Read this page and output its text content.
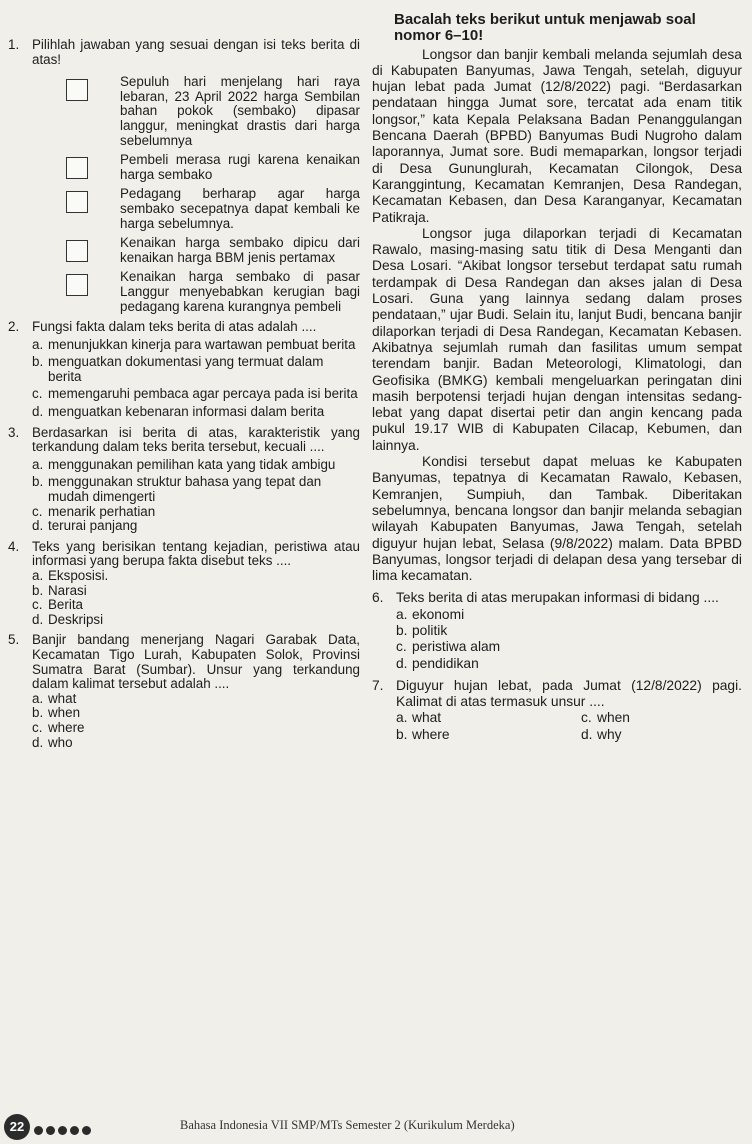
1. Pilihlah jawaban yang sesuai dengan isi teks berita di atas!
Sepuluh hari menjelang hari raya lebaran, 23 April 2022 harga Sembilan bahan pokok (sembako) dipasar langgur, meningkat drastis dari harga sebelumnya
Pembeli merasa rugi karena kenaikan harga sembako
Pedagang berharap agar harga sembako secepatnya dapat kembali ke harga sebelumnya.
Kenaikan harga sembako dipicu dari kenaikan harga BBM jenis pertamax
Kenaikan harga sembako di pasar Langgur menyebabkan kerugian bagi pedagang karena kurangnya pembeli
2. Fungsi fakta dalam teks berita di atas adalah ....
a. menunjukkan kinerja para wartawan pembuat berita
b. menguatkan dokumentasi yang termuat dalam berita
c. memengaruhi pembaca agar percaya pada isi berita
d. menguatkan kebenaran informasi dalam berita
3. Berdasarkan isi berita di atas, karakteristik yang terkandung dalam teks berita tersebut, kecuali ....
a. menggunakan pemilihan kata yang tidak ambigu
b. menggunakan struktur bahasa yang tepat dan mudah dimengerti
c. menarik perhatian
d. terurai panjang
4. Teks yang berisikan tentang kejadian, peristiwa atau informasi yang berupa fakta disebut teks ....
a. Eksposisi.
b. Narasi
c. Berita
d. Deskripsi
5. Banjir bandang menerjang Nagari Garabak Data, Kecamatan Tigo Lurah, Kabupaten Solok, Provinsi Sumatra Barat (Sumbar). Unsur yang terkandung dalam kalimat tersebut adalah ....
a. what
b. when
c. where
d. who
Bacalah teks berikut untuk menjawab soal nomor 6–10!
Longsor dan banjir kembali melanda sejumlah desa di Kabupaten Banyumas, Jawa Tengah, setelah, diguyur hujan lebat pada Jumat (12/8/2022) pagi. “Berdasarkan pendataan hingga Jumat sore, tercatat ada enam titik longsor,” kata Kepala Pelaksana Badan Penanggulangan Bencana Daerah (BPBD) Banyumas Budi Nugroho dalam laporannya, Jumat sore. Budi memaparkan, longsor terjadi di Desa Gununglurah, Kecamatan Cilongok, Desa Karanggintung, Kecamatan Kemranjen, Desa Randegan, Kecamatan Kebasen, dan Desa Karanganyar, Kecamatan Patikraja.
Longsor juga dilaporkan terjadi di Kecamatan Rawalo, masing-masing satu titik di Desa Menganti dan Desa Losari. “Akibat longsor tersebut terdapat satu rumah terdampak di Desa Randegan dan akses jalan di Desa Losari. Guna yang lainnya sedang dalam proses pendataan,” ujar Budi. Selain itu, lanjut Budi, bencana banjir dilaporkan terjadi di Desa Randegan, Kecamatan Kebasen. Akibatnya sejumlah rumah dan fasilitas umum sempat terendam banjir. Badan Meteorologi, Klimatologi, dan Geofisika (BMKG) kembali mengeluarkan peringatan dini masih berpotensi terjadi hujan dengan intensitas sedang-lebat yang dapat disertai petir dan angin kencang pada pukul 19.17 WIB di Kabupaten Cilacap, Kebumen, dan lainnya.
Kondisi tersebut dapat meluas ke Kabupaten Banyumas, tepatnya di Kecamatan Rawalo, Kebasen, Kemranjen, Sumpiuh, dan Tambak. Diberitakan sebelumnya, bencana longsor dan banjir melanda sebagian wilayah Kabupaten Banyumas, Jawa Tengah, setelah diguyur hujan lebat, Selasa (9/8/2022) malam. Data BPBD Banyumas, longsor terjadi di delapan desa yang tersebar di lima kecamatan.
6. Teks berita di atas merupakan informasi di bidang ....
a. ekonomi
b. politik
c. peristiwa alam
d. pendidikan
7. Diguyur hujan lebat, pada Jumat (12/8/2022) pagi. Kalimat di atas termasuk unsur ....
a. what	c. when
b. where	d. why
22	Bahasa Indonesia VII SMP/MTs Semester 2 (Kurikulum Merdeka)
